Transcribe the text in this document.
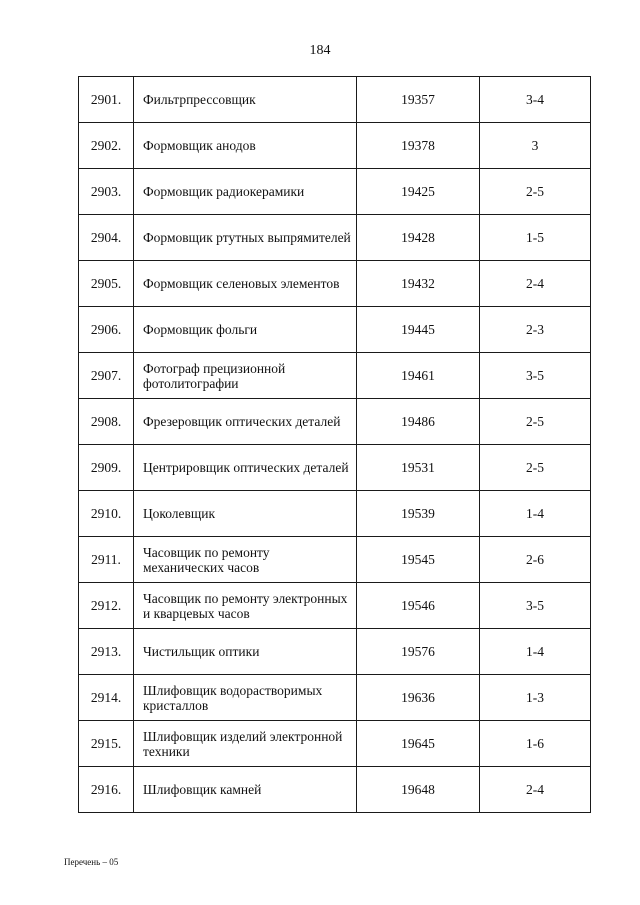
184
2901.	Фильтрпрессовщик	19357	3-4
2902.	Формовщик анодов	19378	3
2903.	Формовщик радиокерамики	19425	2-5
2904.	Формовщик ртутных выпрямителей	19428	1-5
2905.	Формовщик селеновых элементов	19432	2-4
2906.	Формовщик фольги	19445	2-3
2907.	Фотограф прецизионной фотолитографии	19461	3-5
2908.	Фрезеровщик оптических деталей	19486	2-5
2909.	Центрировщик оптических деталей	19531	2-5
2910.	Цоколевщик	19539	1-4
2911.	Часовщик по ремонту механических часов	19545	2-6
2912.	Часовщик по ремонту электронных и кварцевых часов	19546	3-5
2913.	Чистильщик оптики	19576	1-4
2914.	Шлифовщик водорастворимых кристаллов	19636	1-3
2915.	Шлифовщик изделий электронной техники	19645	1-6
2916.	Шлифовщик камней	19648	2-4
Перечень – 05
